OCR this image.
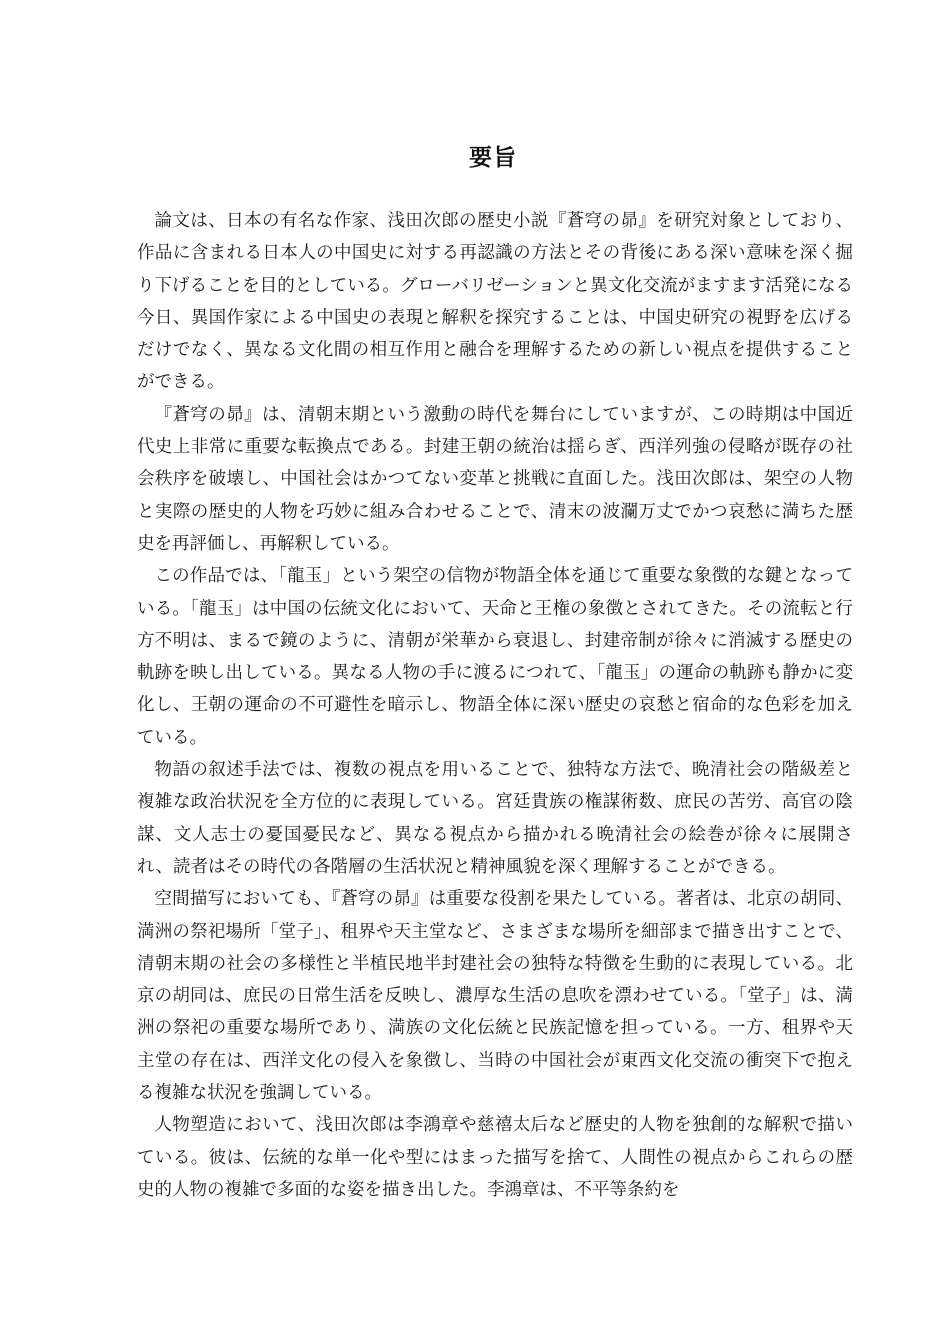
要旨

論文は、日本の有名な作家、浅田次郎の歴史小説『蒼穹の昴』を研究対象としており、作品に含まれる日本人の中国史に対する再認識の方法とその背後にある深い意味を深く掘り下げることを目的としている。グローバリゼーションと異文化交流がますます活発になる今日、異国作家による中国史の表現と解釈を探究することは、中国史研究の視野を広げるだけでなく、異なる文化間の相互作用と融合を理解するための新しい視点を提供することができる。

『蒼穹の昴』は、清朝末期という激動の時代を舞台にしていますが、この時期は中国近代史上非常に重要な転換点である。封建王朝の統治は揺らぎ、西洋列強の侵略が既存の社会秩序を破壊し、中国社会はかつてない変革と挑戦に直面した。浅田次郎は、架空の人物と実際の歴史的人物を巧妙に組み合わせることで、清末の波瀾万丈でかつ哀愁に満ちた歴史を再評価し、再解釈している。

この作品では、「龍玉」という架空の信物が物語全体を通じて重要な象徴的な鍵となっている。「龍玉」は中国の伝統文化において、天命と王権の象徴とされてきた。その流転と行方不明は、まるで鏡のように、清朝が栄華から衰退し、封建帝制が徐々に消滅する歴史の軌跡を映し出している。異なる人物の手に渡るにつれて、「龍玉」の運命の軌跡も静かに変化し、王朝の運命の不可避性を暗示し、物語全体に深い歴史の哀愁と宿命的な色彩を加えている。

物語の叙述手法では、複数の視点を用いることで、独特な方法で、晩清社会の階級差と複雑な政治状況を全方位的に表現している。宮廷貴族の権謀術数、庶民の苦労、高官の陰謀、文人志士の憂国憂民など、異なる視点から描かれる晩清社会の絵巻が徐々に展開され、読者はその時代の各階層の生活状況と精神風貌を深く理解することができる。

空間描写においても、『蒼穹の昴』は重要な役割を果たしている。著者は、北京の胡同、満洲の祭祀場所「堂子」、租界や天主堂など、さまざまな場所を細部まで描き出すことで、清朝末期の社会の多様性と半植民地半封建社会の独特な特徴を生動的に表現している。北京の胡同は、庶民の日常生活を反映し、濃厚な生活の息吹を漂わせている。「堂子」は、満洲の祭祀の重要な場所であり、満族の文化伝統と民族記憶を担っている。一方、租界や天主堂の存在は、西洋文化の侵入を象徴し、当時の中国社会が東西文化交流の衝突下で抱える複雑な状況を強調している。

人物塑造において、浅田次郎は李鴻章や慈禧太后など歴史的人物を独創的な解釈で描いている。彼は、伝統的な単一化や型にはまった描写を捨て、人間性の視点からこれらの歴史的人物の複雑で多面的な姿を描き出した。李鴻章は、不平等条約を
